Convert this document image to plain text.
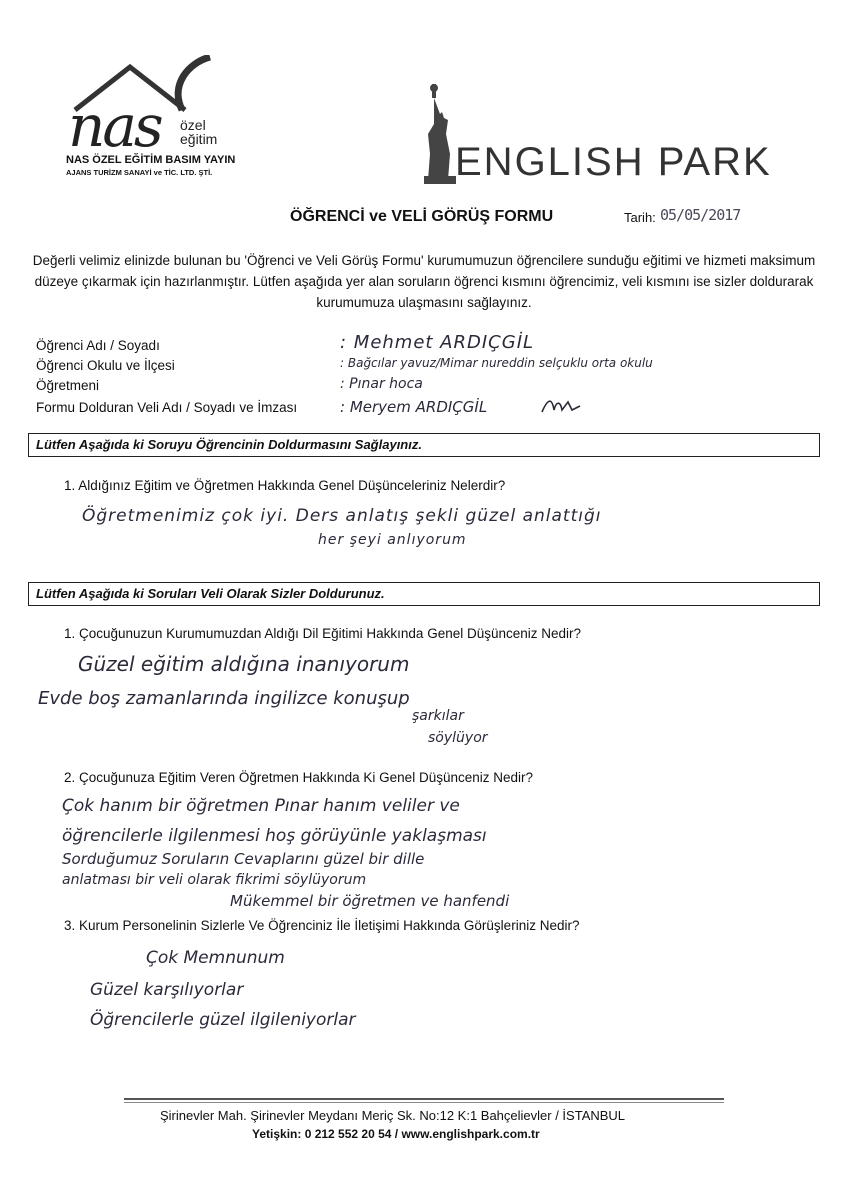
nas özel
eğitim
NAS ÖZEL EĞİTİM BASIM YAYIN
AJANS TURİZM SANAYİ ve TİC. LTD. ŞTİ.	ENGLISH PARK
ÖĞRENCİ ve VELİ GÖRÜŞ FORMU	Tarih: 05/05/2017
Değerli velimiz elinizde bulunan bu 'Öğrenci ve Veli Görüş Formu' kurumumuzun öğrencilere sunduğu eğitimi ve hizmeti maksimum düzeye çıkarmak için hazırlanmıştır. Lütfen aşağıda yer alan soruların öğrenci kısmını öğrencimiz, veli kısmını ise sizler doldurarak kurumumuza ulaşmasını sağlayınız.
Öğrenci Adı / Soyadı	: Mehmet ARDIÇGİL
Öğrenci Okulu ve İlçesi	: Bağcılar yavuz/Mimar nureddin selçuklu orta okulu
Öğretmeni	: Pınar hoca
Formu Dolduran Veli Adı / Soyadı ve İmzası	: Meryem ARDIÇGİL
Lütfen Aşağıda ki Soruyu Öğrencinin Doldurmasını Sağlayınız.
1. Aldığınız Eğitim ve Öğretmen Hakkında Genel Düşünceleriniz Nelerdir?
Öğretmenimiz çok iyi. Ders anlatış şekli güzel anlattığı
her şeyi anlıyorum
Lütfen Aşağıda ki Soruları Veli Olarak Sizler Doldurunuz.
1. Çocuğunuzun Kurumumuzdan Aldığı Dil Eğitimi Hakkında Genel Düşünceniz Nedir?
Güzel eğitim aldığına inanıyorum
Evde boş zamanlarında ingilizce konuşup
şarkılar
söylüyor
2. Çocuğunuza Eğitim Veren Öğretmen Hakkında Ki Genel Düşünceniz Nedir?
Çok hanım bir öğretmen Pınar hanım veliler ve
öğrencilerle ilgilenmesi hoş görüyünle yaklaşması
Sorduğumuz Soruların Cevaplarını güzel bir dille
anlatması bir veli olarak fikrimi söylüyorum
Mükemmel bir öğretmen ve hanfendi
3. Kurum Personelinin Sizlerle Ve Öğrenciniz İle İletişimi Hakkında Görüşleriniz Nedir?
Çok Memnunum
Güzel karşılıyorlar
Öğrencilerle güzel ilgileniyorlar
Şirinevler Mah. Şirinevler Meydanı Meriç Sk. No:12 K:1 Bahçelievler / İSTANBUL
Yetişkin: 0 212 552 20 54 / www.englishpark.com.tr
